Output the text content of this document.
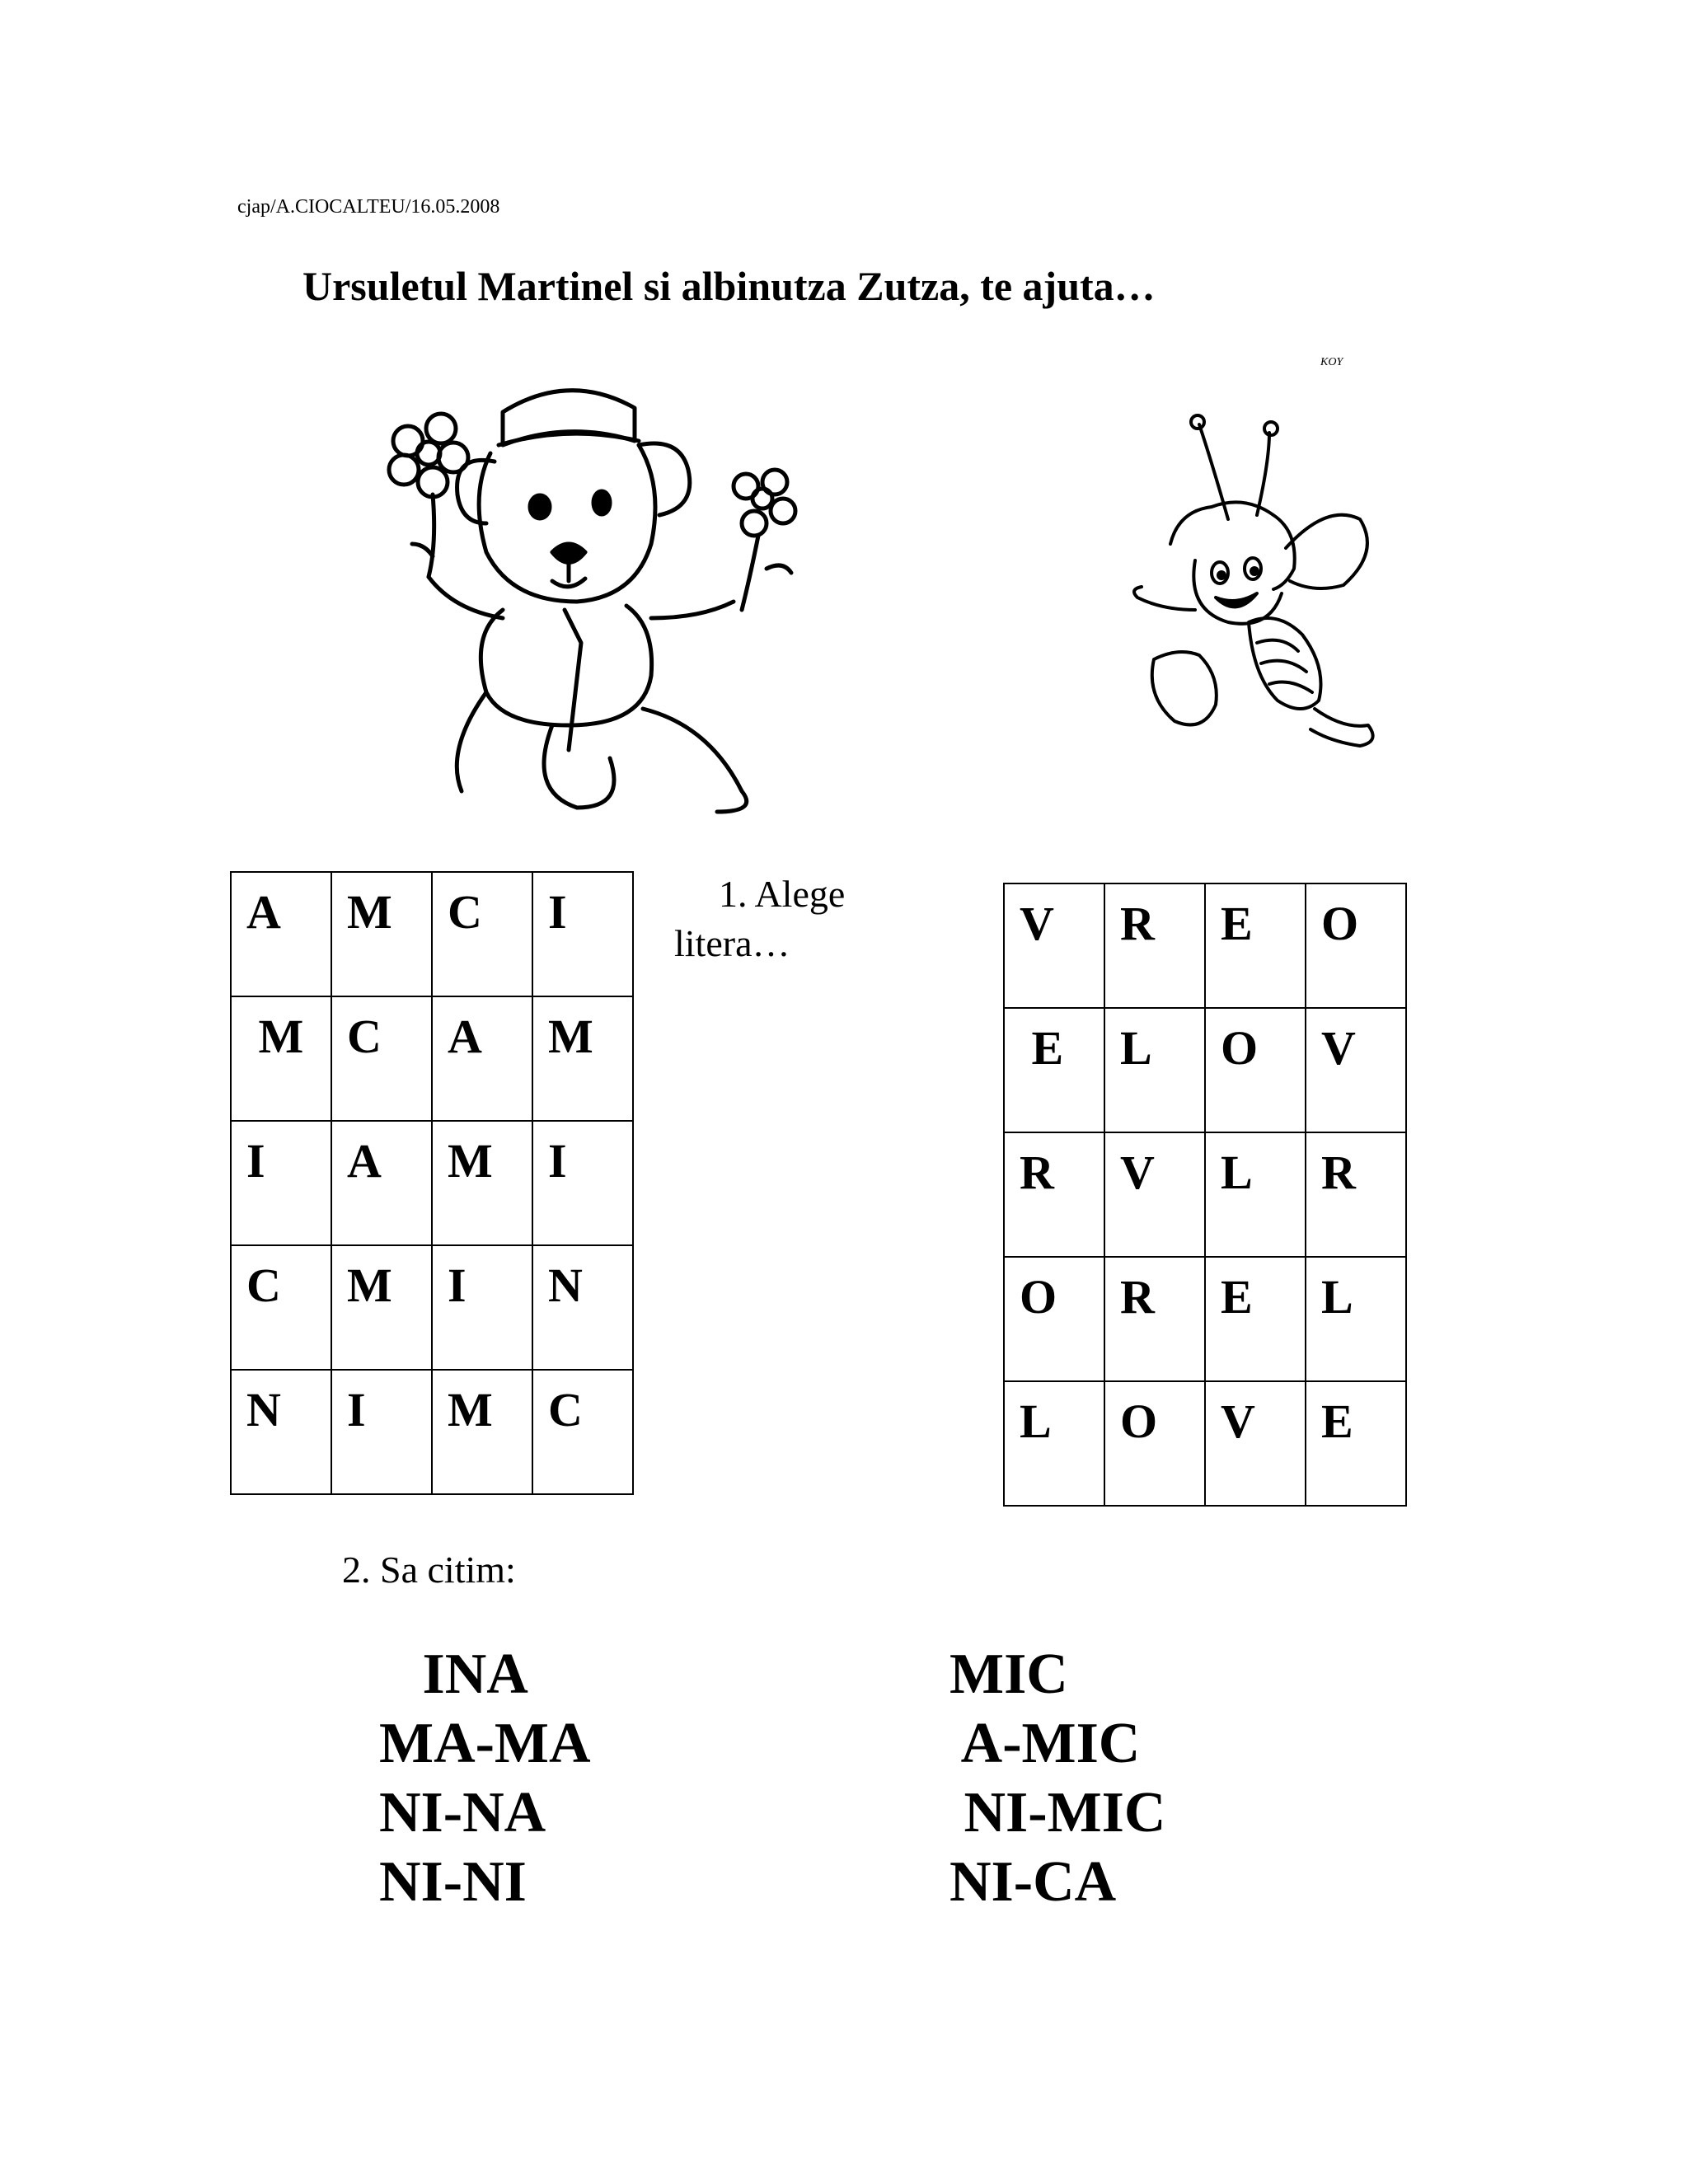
cjap/A.CIOCALTEU/16.05.2008
Ursuletul Martinel si albinutza Zutza, te ajuta…
KOY
A	M	C	I
M	C	A	M
I	A	M	I
C	M	I	N
N	I	M	C
1. Alege
litera…	V	R	E	O
E	L	O	V
R	V	L	R
O	R	E	L
L	O	V	E
2. Sa citim:
INA
MA-MA
NI-NA
NI-NI
MIC
A-MIC
NI-MIC
NI-CA
